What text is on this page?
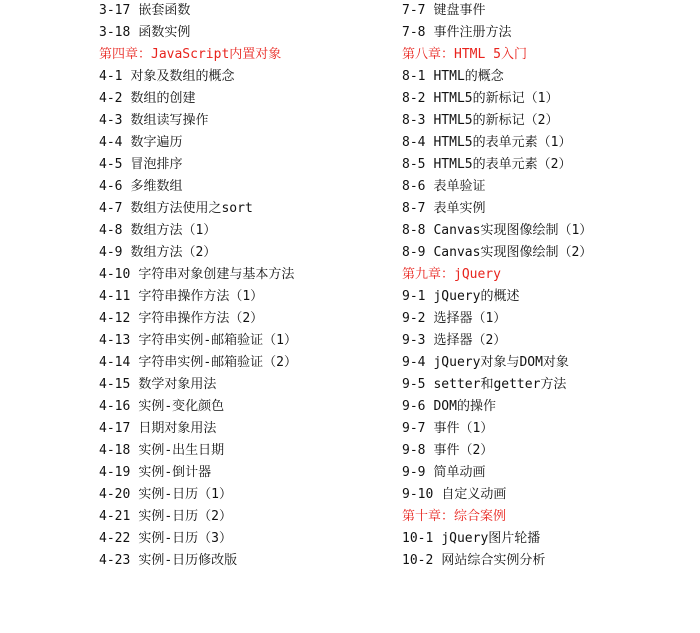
3-17 嵌套函数
3-18 函数实例
第四章：JavaScript内置对象
4-1 对象及数组的概念
4-2 数组的创建
4-3 数组读写操作
4-4 数字遍历
4-5 冒泡排序
4-6 多维数组
4-7 数组方法使用之sort
4-8 数组方法（1）
4-9 数组方法（2）
4-10 字符串对象创建与基本方法
4-11 字符串操作方法（1）
4-12 字符串操作方法（2）
4-13 字符串实例-邮箱验证（1）
4-14 字符串实例-邮箱验证（2）
4-15 数学对象用法
4-16 实例-变化颜色
4-17 日期对象用法
4-18 实例-出生日期
4-19 实例-倒计器
4-20 实例-日历（1）
4-21 实例-日历（2）
4-22 实例-日历（3）
4-23 实例-日历修改版
7-7 键盘事件
7-8 事件注册方法
第八章：HTML 5入门
8-1 HTML的概念
8-2 HTML5的新标记（1）
8-3 HTML5的新标记（2）
8-4 HTML5的表单元素（1）
8-5 HTML5的表单元素（2）
8-6 表单验证
8-7 表单实例
8-8 Canvas实现图像绘制（1）
8-9 Canvas实现图像绘制（2）
第九章：jQuery
9-1 jQuery的概述
9-2 选择器（1）
9-3 选择器（2）
9-4 jQuery对象与DOM对象
9-5 setter和getter方法
9-6 DOM的操作
9-7 事件（1）
9-8 事件（2）
9-9 简单动画
9-10 自定义动画
第十章：综合案例
10-1 jQuery图片轮播
10-2 网站综合实例分析
